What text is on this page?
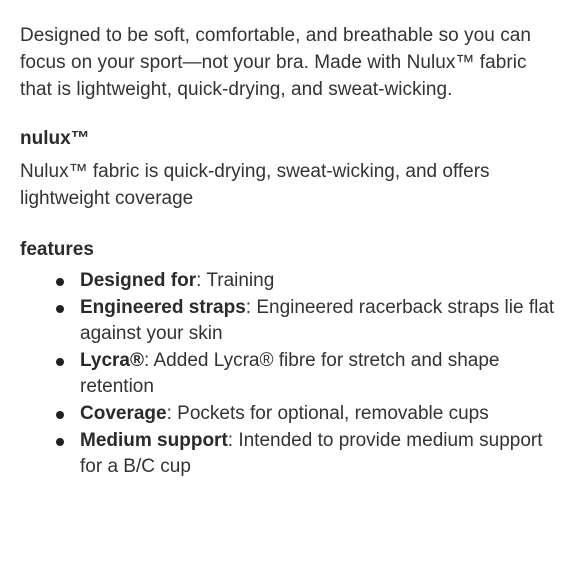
Designed to be soft, comfortable, and breathable so you can focus on your sport—not your bra. Made with Nulux™ fabric that is lightweight, quick-drying, and sweat-wicking.

nulux™

Nulux™ fabric is quick-drying, sweat-wicking, and offers lightweight coverage

features
Designed for: Training
Engineered straps: Engineered racerback straps lie flat against your skin
Lycra®: Added Lycra® fibre for stretch and shape retention
Coverage: Pockets for optional, removable cups
Medium support: Intended to provide medium support for a B/C cup
